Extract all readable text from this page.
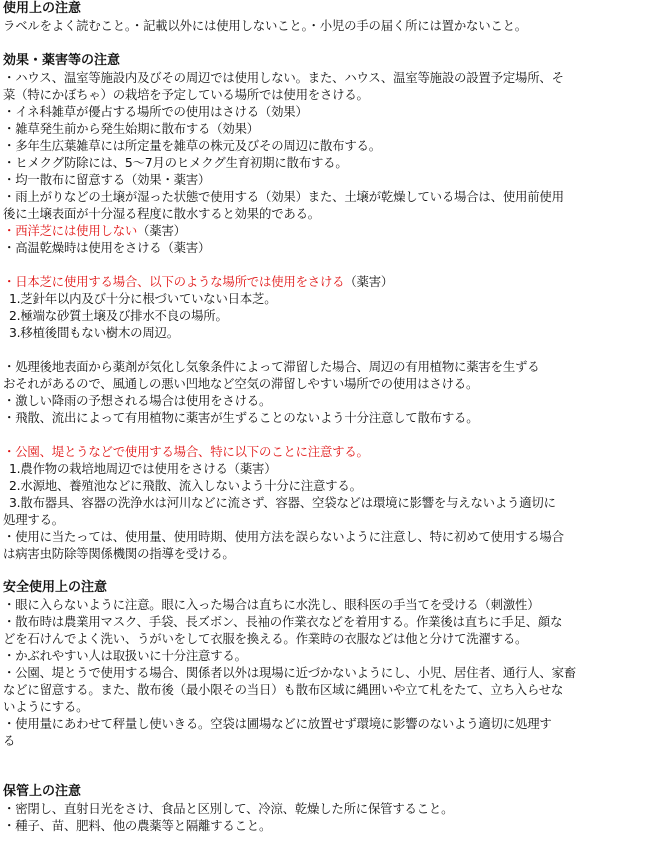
使用上の注意
ラベルをよく読むこと。・記載以外には使用しないこと。・小児の手の届く所には置かないこと。
効果・薬害等の注意
・ハウス、温室等施設内及びその周辺では使用しない。また、ハウス、温室等施設の設置予定場所、そ
菜（特にかぼちゃ）の栽培を予定している場所では使用をさける。
・イネ科雑草が優占する場所での使用はさける（効果）
・雑草発生前から発生始期に散布する（効果）
・多年生広葉雑草には所定量を雑草の株元及びその周辺に散布する。
・ヒメクグ防除には、5〜7月のヒメクグ生育初期に散布する。
・均一散布に留意する（効果・薬害）
・雨上がりなどの土壌が湿った状態で使用する（効果）また、土壌が乾燥している場合は、使用前使用
後に土壌表面が十分湿る程度に散水すると効果的である。
・西洋芝には使用しない（薬害）
・高温乾燥時は使用をさける（薬害）
・日本芝に使用する場合、以下のような場所では使用をさける（薬害）
1.芝針年以内及び十分に根づいていない日本芝。
2.極端な砂質土壌及び排水不良の場所。
3.移植後間もない樹木の周辺。
・処理後地表面から薬剤が気化し気象条件によって滞留した場合、周辺の有用植物に薬害を生ずる
おそれがあるので、風通しの悪い凹地など空気の滞留しやすい場所での使用はさける。
・激しい降雨の予想される場合は使用をさける。
・飛散、流出によって有用植物に薬害が生ずることのないよう十分注意して散布する。
・公園、堤とうなどで使用する場合、特に以下のことに注意する。
1.農作物の栽培地周辺では使用をさける（薬害）
2.水源地、養殖池などに飛散、流入しないよう十分に注意する。
3.散布器具、容器の洗浄水は河川などに流さず、容器、空袋などは環境に影響を与えないよう適切に
処理する。
・使用に当たっては、使用量、使用時期、使用方法を誤らないように注意し、特に初めて使用する場合
は病害虫防除等関係機関の指導を受ける。
安全使用上の注意
・眼に入らないように注意。眼に入った場合は直ちに水洗し、眼科医の手当てを受ける（刺激性）
・散布時は農業用マスク、手袋、長ズボン、長袖の作業衣などを着用する。作業後は直ちに手足、顔な
どを石けんでよく洗い、うがいをして衣服を換える。作業時の衣服などは他と分けて洗濯する。
・かぶれやすい人は取扱いに十分注意する。
・公園、堤とうで使用する場合、関係者以外は現場に近づかないようにし、小児、居住者、通行人、家畜
などに留意する。また、散布後（最小限その当日）も散布区域に縄囲いや立て札をたて、立ち入らせな
いようにする。
・使用量にあわせて秤量し使いきる。空袋は圃場などに放置せず環境に影響のないよう適切に処理す
る
保管上の注意
・密閉し、直射日光をさけ、食品と区別して、冷涼、乾燥した所に保管すること。
・種子、苗、肥料、他の農薬等と隔離すること。
